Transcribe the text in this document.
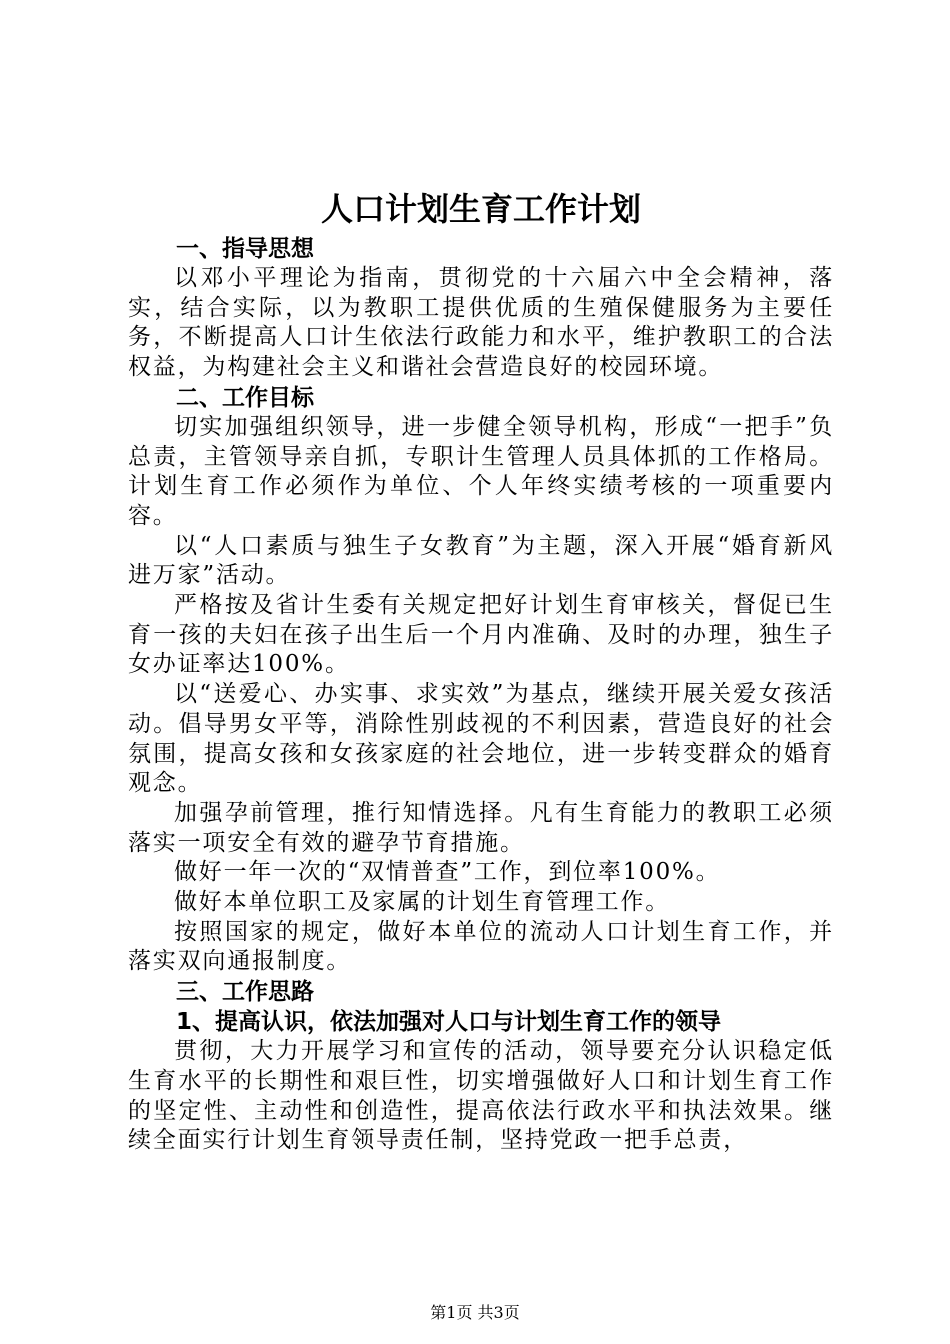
人口计划生育工作计划
一、指导思想

以邓小平理论为指南，贯彻党的十六届六中全会精神，落实，结合实际，以为教职工提供优质的生殖保健服务为主要任务，不断提高人口计生依法行政能力和水平，维护教职工的合法权益，为构建社会主义和谐社会营造良好的校园环境。

二、工作目标

切实加强组织领导，进一步健全领导机构，形成“一把手”负总责，主管领导亲自抓，专职计生管理人员具体抓的工作格局。计划生育工作必须作为单位、个人年终实绩考核的一项重要内容。

以“人口素质与独生子女教育”为主题，深入开展“婚育新风进万家”活动。

严格按及省计生委有关规定把好计划生育审核关，督促已生育一孩的夫妇在孩子出生后一个月内准确、及时的办理，独生子女办证率达100%。

以“送爱心、办实事、求实效”为基点，继续开展关爱女孩活动。倡导男女平等，消除性别歧视的不利因素，营造良好的社会氛围，提高女孩和女孩家庭的社会地位，进一步转变群众的婚育观念。

加强孕前管理，推行知情选择。凡有生育能力的教职工必须落实一项安全有效的避孕节育措施。

做好一年一次的“双情普查”工作，到位率100%。

做好本单位职工及家属的计划生育管理工作。

按照国家的规定，做好本单位的流动人口计划生育工作，并落实双向通报制度。

三、工作思路
1、提高认识，依法加强对人口与计划生育工作的领导

贯彻，大力开展学习和宣传的活动，领导要充分认识稳定低生育水平的长期性和艰巨性，切实增强做好人口和计划生育工作的坚定性、主动性和创造性，提高依法行政水平和执法效果。继续全面实行计划生育领导责任制，坚持党政一把手总责，

第1页 共3页
